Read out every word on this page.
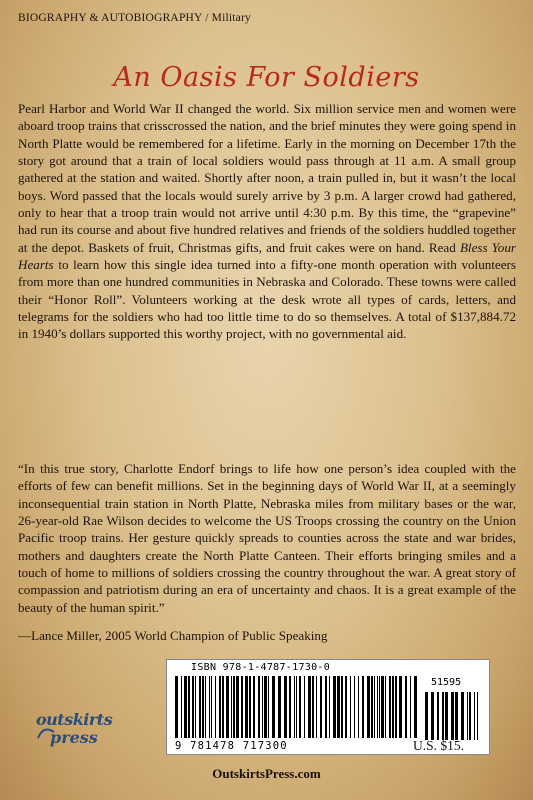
BIOGRAPHY & AUTOBIOGRAPHY / Military
An Oasis For Soldiers

Pearl Harbor and World War II changed the world. Six million service men and women were aboard troop trains that crisscrossed the nation, and the brief minutes they were going spend in North Platte would be remembered for a lifetime. Early in the morning on December 17th the story got around that a train of local soldiers would pass through at 11 a.m. A small group gathered at the station and waited. Shortly after noon, a train pulled in, but it wasn’t the local boys. Word passed that the locals would surely arrive by 3 p.m. A larger crowd had gathered, only to hear that a troop train would not arrive until 4:30 p.m. By this time, the “grapevine” had run its course and about five hundred relatives and friends of the soldiers huddled together at the depot. Baskets of fruit, Christmas gifts, and fruit cakes were on hand. Read Bless Your Hearts to learn how this single idea turned into a fifty-one month operation with volunteers from more than one hundred communities in Nebraska and Colorado. These towns were called their “Honor Roll”. Volunteers working at the desk wrote all types of cards, letters, and telegrams for the soldiers who had too little time to do so themselves. A total of $137,884.72 in 1940’s dollars supported this worthy project, with no governmental aid.

“In this true story, Charlotte Endorf brings to life how one person’s idea coupled with the efforts of few can benefit millions. Set in the beginning days of World War II, at a seemingly inconsequential train station in North Platte, Nebraska miles from military bases or the war, 26-year-old Rae Wilson decides to welcome the US Troops crossing the country on the Union Pacific troop trains. Her gesture quickly spreads to counties across the state and war brides, mothers and daughters create the North Platte Canteen. Their efforts bringing smiles and a touch of home to millions of soldiers crossing the country throughout the war. A great story of compassion and patriotism during an era of uncertainty and chaos. It is a great example of the beauty of the human spirit.”

—Lance Miller, 2005 World Champion of Public Speaking
ISBN 978-1-4787-1730-0
51595
9 781478 717300	U.S. $15.
outskirts
press
OutskirtsPress.com
